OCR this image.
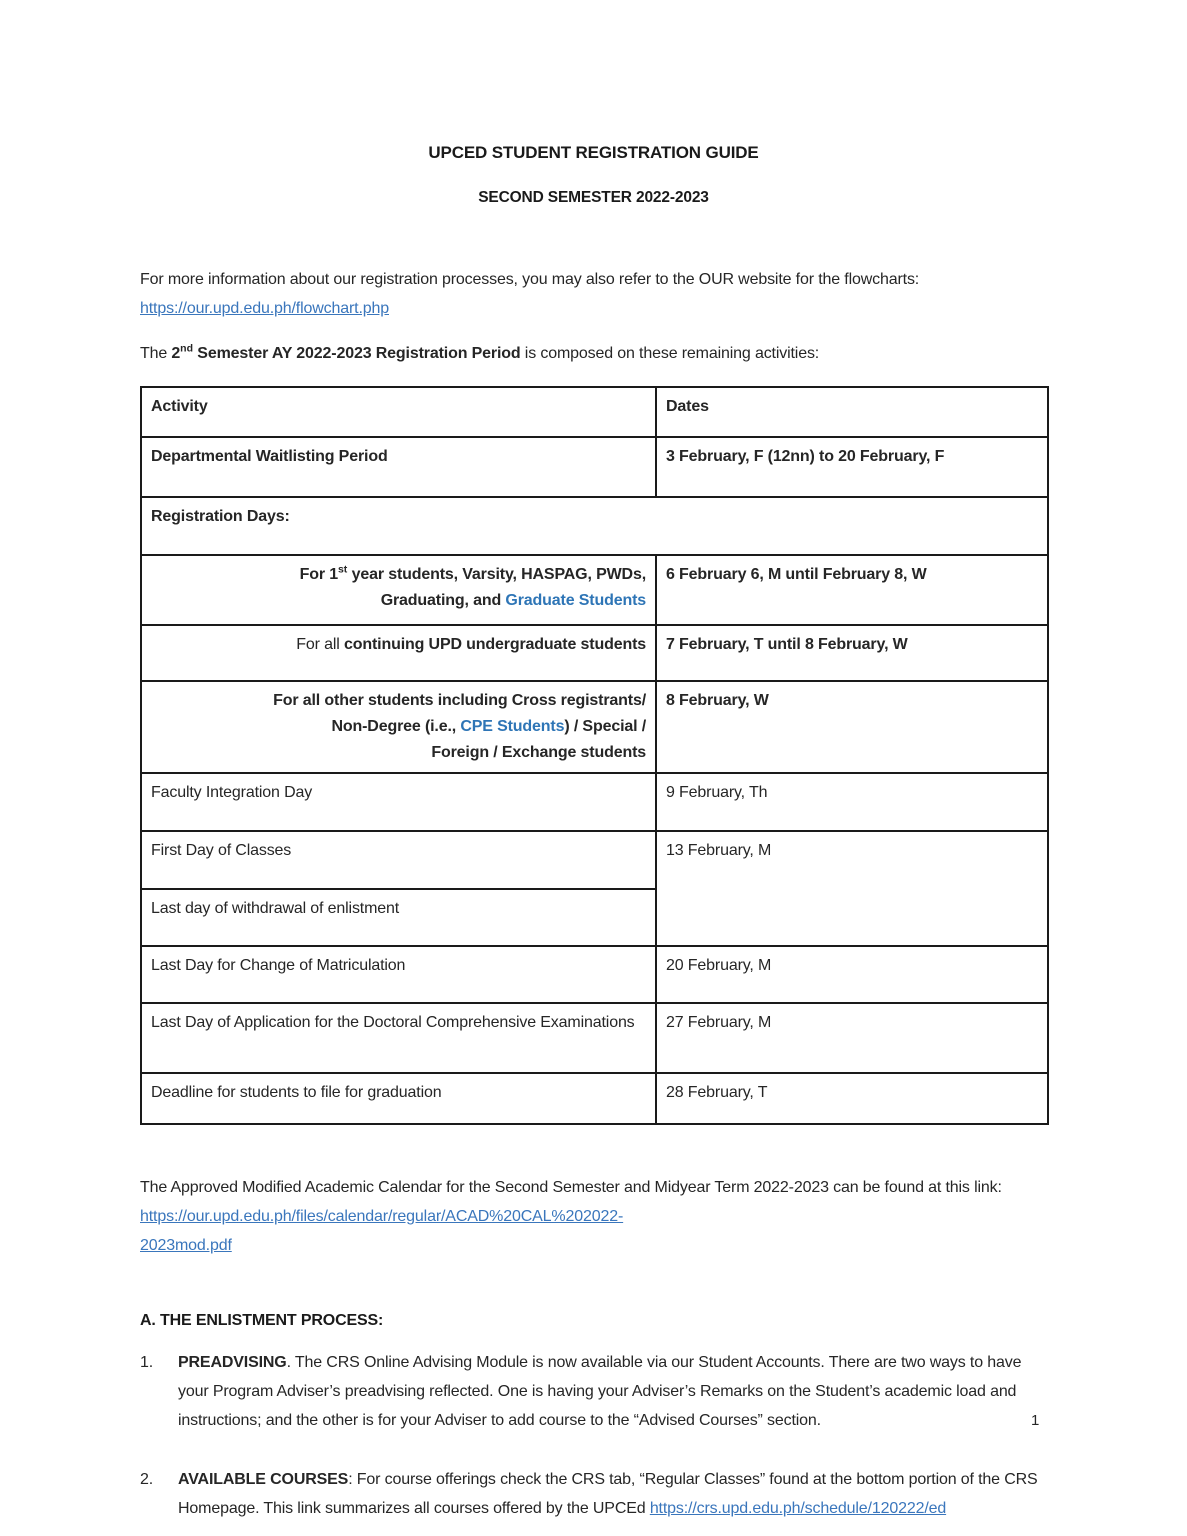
UPCED STUDENT REGISTRATION GUIDE
SECOND SEMESTER 2022-2023

For more information about our registration processes, you may also refer to the OUR website for the flowcharts: https://our.upd.edu.ph/flowchart.php

The 2nd Semester AY 2022-2023 Registration Period is composed on these remaining activities:

Activity	Dates
Departmental Waitlisting Period	3 February, F (12nn) to 20 February, F
Registration Days:	
For 1st year students, Varsity, HASPAG, PWDs,
Graduating, and Graduate Students	6 February 6, M until February 8, W
For all continuing UPD undergraduate students	7 February, T until 8 February, W
For all other students including Cross registrants/
Non-Degree (i.e., CPE Students) / Special /
Foreign / Exchange students	8 February, W
Faculty Integration Day	9 February, Th
First Day of Classes	13 February, M
Last day of withdrawal of enlistment	
Last Day for Change of Matriculation	20 February, M
Last Day of Application for the Doctoral Comprehensive Examinations	27 February, M
Deadline for students to file for graduation	28 February, T

The Approved Modified Academic Calendar for the Second Semester and Midyear Term 2022-2023 can be found at this link: https://our.upd.edu.ph/files/calendar/regular/ACAD%20CAL%202022-
2023mod.pdf

A. THE ENLISTMENT PROCESS:
1.	PREADVISING. The CRS Online Advising Module is now available via our Student Accounts. There are two ways to have your Program Adviser’s preadvising reflected. One is having your Adviser’s Remarks on the Student’s academic load and instructions; and the other is for your Adviser to add course to the “Advised Courses” section.

2.	AVAILABLE COURSES: For course offerings check the CRS tab, “Regular Classes” found at the bottom portion of the CRS Homepage. This link summarizes all courses offered by the UPCEd https://crs.upd.edu.ph/schedule/120222/ed

1
